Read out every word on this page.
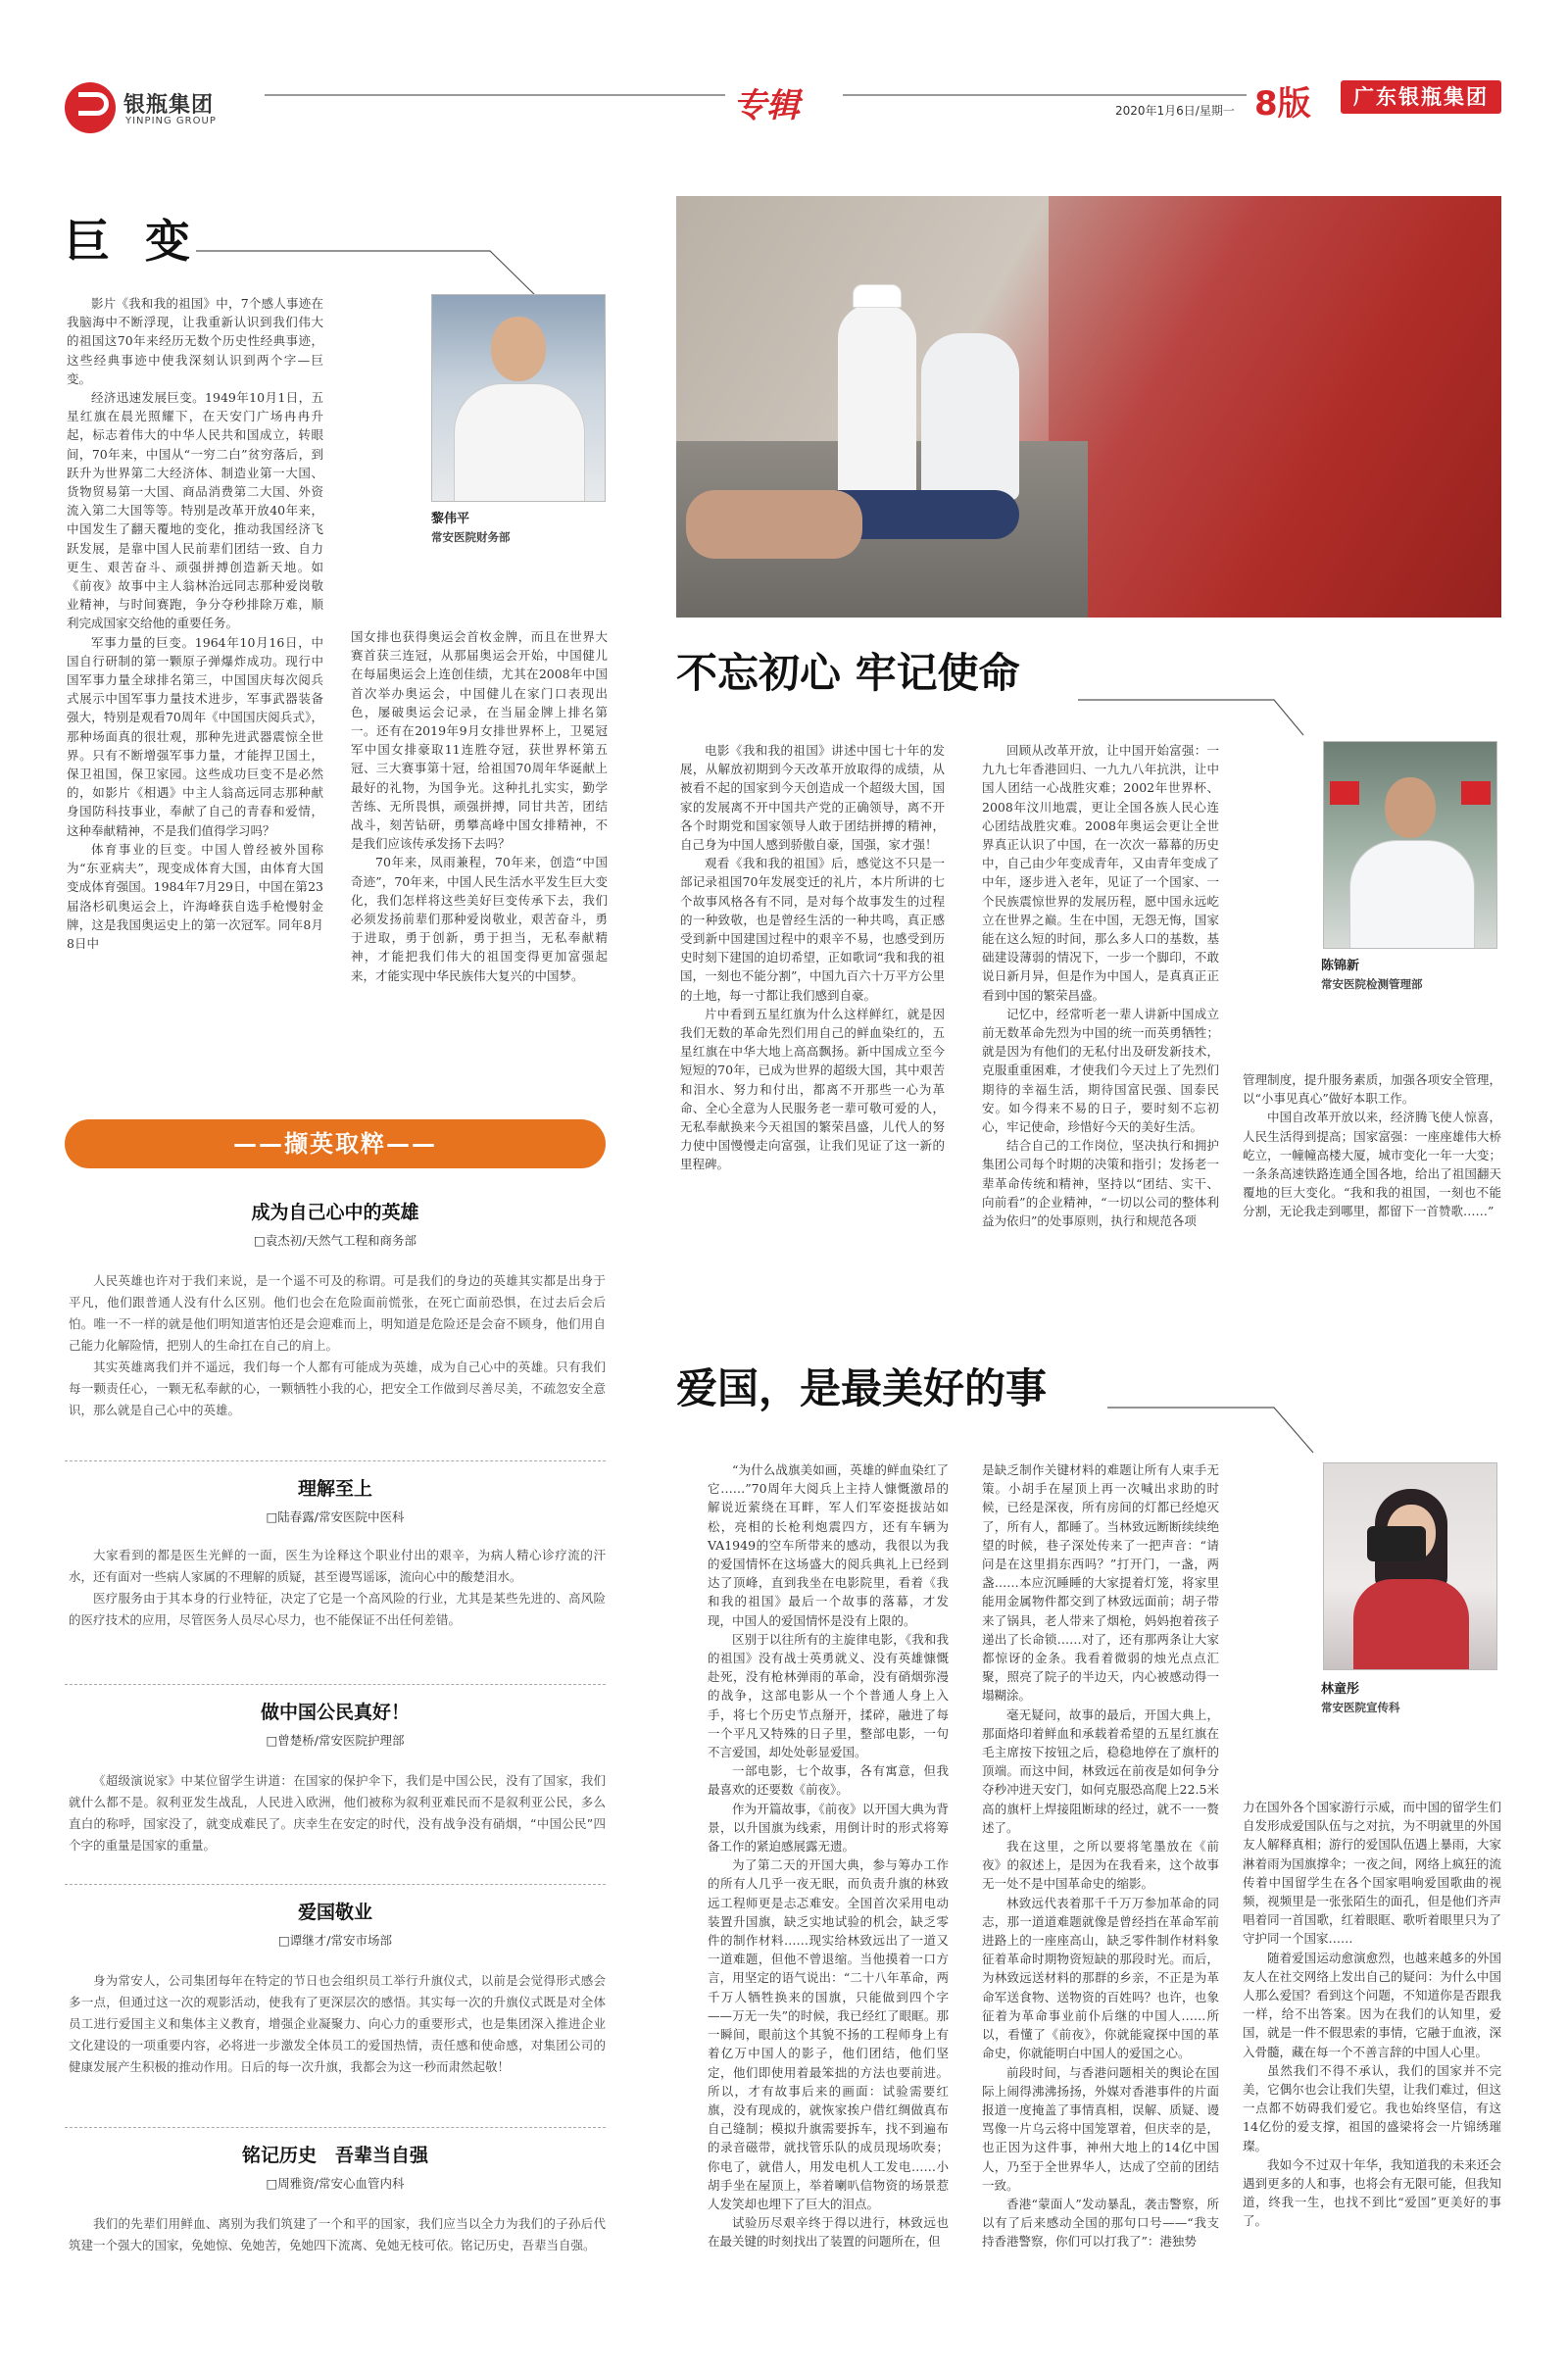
银瓶集团
YINPING GROUP	专辑	2020年1月6日/星期一 8版	广东银瓶集团
巨 变
黎伟平
常安医院财务部

影片《我和我的祖国》中，7个感人事迹在我脑海中不断浮现，让我重新认识到我们伟大的祖国这70年来经历无数个历史性经典事迹，这些经典事迹中使我深刻认识到两个字—巨变。

经济迅速发展巨变。1949年10月1日，五星红旗在晨光照耀下，在天安门广场冉冉升起，标志着伟大的中华人民共和国成立，转眼间，70年来，中国从“一穷二白”贫穷落后，到跃升为世界第二大经济体、制造业第一大国、货物贸易第一大国、商品消费第二大国、外资流入第二大国等等。特别是改革开放40年来，中国发生了翻天覆地的变化，推动我国经济飞跃发展，是靠中国人民前辈们团结一致、自力更生、艰苦奋斗、顽强拼搏创造新天地。如《前夜》故事中主人翁林治远同志那种爱岗敬业精神，与时间赛跑，争分夺秒排除万难，顺利完成国家交给他的重要任务。

军事力量的巨变。1964年10月16日，中国自行研制的第一颗原子弹爆炸成功。现行中国军事力量全球排名第三，中国国庆每次阅兵式展示中国军事力量技术进步，军事武器装备强大，特别是观看70周年《中国国庆阅兵式》，那种场面真的很壮观，那种先进武器震惊全世界。只有不断增强军事力量，才能捍卫国土，保卫祖国，保卫家园。这些成功巨变不是必然的，如影片《相遇》中主人翁高远同志那种献身国防科技事业，奉献了自己的青春和爱情，这种奉献精神，不是我们值得学习吗？

体育事业的巨变。中国人曾经被外国称为“东亚病夫”，现变成体育大国，由体育大国变成体育强国。1984年7月29日，中国在第23届洛杉矶奥运会上，许海峰获自选手枪慢射金牌，这是我国奥运史上的第一次冠军。同年8月8日中

国女排也获得奥运会首枚金牌，而且在世界大赛首获三连冠，从那届奥运会开始，中国健儿在每届奥运会上连创佳绩，尤其在2008年中国首次举办奥运会，中国健儿在家门口表现出色，屡破奥运会记录，在当届金牌上排名第一。还有在2019年9月女排世界杯上，卫冕冠军中国女排豪取11连胜夺冠，获世界杯第五冠、三大赛事第十冠，给祖国70周年华诞献上最好的礼物，为国争光。这种扎扎实实，勤学苦练、无所畏惧，顽强拼搏，同甘共苦，团结战斗，刻苦钻研，勇攀高峰中国女排精神，不是我们应该传承发扬下去吗？

70年来，凤雨兼程，70年来，创造“中国奇迹”，70年来，中国人民生活水平发生巨大变化，我们怎样将这些美好巨变传承下去，我们必须发扬前辈们那种爱岗敬业，艰苦奋斗，勇于进取，勇于创新，勇于担当，无私奉献精神，才能把我们伟大的祖国变得更加富强起来，才能实现中华民族伟大复兴的中国梦。

——撷英取粹——
成为自己心中的英雄
□袁杰初/天然气工程和商务部

人民英雄也许对于我们来说，是一个遥不可及的称谓。可是我们的身边的英雄其实都是出身于平凡，他们跟普通人没有什么区别。他们也会在危险面前慌张，在死亡面前恐惧，在过去后会后怕。唯一不一样的就是他们明知道害怕还是会迎难而上，明知道是危险还是会奋不顾身，他们用自己能力化解险情，把别人的生命扛在自己的肩上。

其实英雄离我们并不遥远，我们每一个人都有可能成为英雄，成为自己心中的英雄。只有我们每一颗责任心，一颗无私奉献的心，一颗牺牲小我的心，把安全工作做到尽善尽美，不疏忽安全意识，那么就是自己心中的英雄。

理解至上
□陆春露/常安医院中医科

大家看到的都是医生光鲜的一面，医生为诠释这个职业付出的艰辛，为病人精心诊疗流的汗水，还有面对一些病人家属的不理解的质疑，甚至谩骂谣诼，流向心中的酸楚泪水。

医疗服务由于其本身的行业特征，决定了它是一个高风险的行业，尤其是某些先进的、高风险的医疗技术的应用，尽管医务人员尽心尽力，也不能保证不出任何差错。

做中国公民真好！
□曾楚桥/常安医院护理部

《超级演说家》中某位留学生讲道：在国家的保护伞下，我们是中国公民，没有了国家，我们就什么都不是。叙利亚发生战乱，人民进入欧洲，他们被称为叙利亚难民而不是叙利亚公民，多么直白的称呼，国家没了，就变成难民了。庆幸生在安定的时代，没有战争没有硝烟，“中国公民”四个字的重量是国家的重量。

爱国敬业
□谭继才/常安市场部

身为常安人，公司集团每年在特定的节日也会组织员工举行升旗仪式，以前是会觉得形式感会多一点，但通过这一次的观影活动，使我有了更深层次的感悟。其实每一次的升旗仪式既是对全体员工进行爱国主义和集体主义教育，增强企业凝聚力、向心力的重要形式，也是集团深入推进企业文化建设的一项重要内容，必将进一步激发全体员工的爱国热情，责任感和使命感，对集团公司的健康发展产生积极的推动作用。日后的每一次升旗，我都会为这一秒而肃然起敬！

铭记历史　吾辈当自强
□周雅资/常安心血管内科

我们的先辈们用鲜血、离别为我们筑建了一个和平的国家，我们应当以全力为我们的子孙后代筑建一个强大的国家，免她惊、免她苦，免她四下流离、免她无枝可依。铭记历史，吾辈当自强。

不忘初心 牢记使命
陈锦新
常安医院检测管理部

电影《我和我的祖国》讲述中国七十年的发展，从解放初期到今天改革开放取得的成绩，从被看不起的国家到今天创造成一个超级大国，国家的发展离不开中国共产党的正确领导，离不开各个时期党和国家领导人敢于团结拼搏的精神，自己身为中国人感到骄傲自豪，国强，家才强！

观看《我和我的祖国》后，感觉这不只是一部记录祖国70年发展变迁的礼片，本片所讲的七个故事风格各有不同，是对每个故事发生的过程的一种致敬，也是曾经生活的一种共鸣，真正感受到新中国建国过程中的艰辛不易，也感受到历史时刻下建国的迫切希望，正如歌词“我和我的祖国，一刻也不能分割”，中国九百六十万平方公里的土地，每一寸都让我们感到自豪。

片中看到五星红旗为什么这样鲜红，就是因我们无数的革命先烈们用自己的鲜血染红的，五星红旗在中华大地上高高飘扬。新中国成立至今短短的70年，已成为世界的超级大国，其中艰苦和泪水、努力和付出，都离不开那些一心为革命、全心全意为人民服务老一辈可敬可爱的人，无私奉献换来今天祖国的繁荣昌盛，儿代人的努力使中国慢慢走向富强，让我们见证了这一新的里程碑。

回顾从改革开放，让中国开始富强：一九九七年香港回归、一九九八年抗洪，让中国人团结一心战胜灾难；2002年世界杯、2008年汶川地震，更让全国各族人民心连心团结战胜灾难。2008年奥运会更让全世界真正认识了中国，在一次次一幕幕的历史中，自己由少年变成青年，又由青年变成了中年，逐步进入老年，见证了一个国家、一个民族震惊世界的发展历程，愿中国永远屹立在世界之巅。生在中国，无怨无悔，国家能在这么短的时间，那么多人口的基数，基础建设薄弱的情况下，一步一个脚印，不敢说日新月异，但是作为中国人，是真真正正看到中国的繁荣昌盛。

记忆中，经常听老一辈人讲新中国成立前无数革命先烈为中国的统一而英勇牺牲；就是因为有他们的无私付出及研发新技术，克服重重困难，才使我们今天过上了先烈们期待的幸福生活，期待国富民强、国泰民安。如今得来不易的日子，要时刻不忘初心，牢记使命，珍惜好今天的美好生活。

结合自己的工作岗位，坚决执行和拥护集团公司每个时期的决策和指引；发扬老一辈革命传统和精神，坚持以“团结、实干、向前看”的企业精神，“一切以公司的整体利益为依归”的处事原则，执行和规范各项

管理制度，提升服务素质，加强各项安全管理，以“小事见真心”做好本职工作。

中国自改革开放以来，经济腾飞使人惊喜，人民生活得到提高；国家富强：一座座雄伟大桥屹立，一幢幢高楼大厦，城市变化一年一大变；一条条高速铁路连通全国各地，给出了祖国翻天覆地的巨大变化。“我和我的祖国，一刻也不能分割，无论我走到哪里，都留下一首赞歌……”

爱国，是最美好的事
林童彤
常安医院宣传科

“为什么战旗美如画，英雄的鲜血染红了它……”70周年大阅兵上主持人慷慨激昂的解说近萦绕在耳畔，军人们军姿挺拔站如松，亮相的长枪利炮震四方，还有车辆为VA1949的空车所带来的感动，我很以为我的爱国情怀在这场盛大的阅兵典礼上已经到达了顶峰，直到我坐在电影院里，看着《我和我的祖国》最后一个故事的落幕，才发现，中国人的爱国情怀是没有上限的。

区别于以往所有的主旋律电影，《我和我的祖国》没有战士英勇就义、没有英雄慷慨赴死，没有枪林弹雨的革命，没有硝烟弥漫的战争，这部电影从一个个普通人身上入手，将七个历史节点掰开，揉碎，融进了每一个平凡又特殊的日子里，整部电影，一句不言爱国，却处处彰显爱国。

一部电影，七个故事，各有寓意，但我最喜欢的还要数《前夜》。

作为开篇故事，《前夜》以开国大典为背景，以升国旗为线索，用倒计时的形式将筹备工作的紧迫感展露无遗。

为了第二天的开国大典，参与筹办工作的所有人几乎一夜无眠，而负责升旗的林致远工程师更是忐忑难安。全国首次采用电动装置升国旗，缺乏实地试验的机会，缺乏零件的制作材料……现实给林致远出了一道又一道难题，但他不曾退缩。当他摸着一口方言，用坚定的语气说出：“二十八年革命，两千万人牺牲换来的国旗，只能做到四个字——万无一失”的时候，我已经红了眼眶。那一瞬间，眼前这个其貌不扬的工程师身上有着亿万中国人的影子，他们团结，他们坚定，他们即使用着最笨拙的方法也要前进。所以，才有故事后来的画面：试验需要红旗，没有现成的，就恢家挨户借红绸做真布自己缝制；模拟升旗需要拆车，找不到遍布的录音磁带，就找管乐队的成员现场吹奏；你电了，就借人，用发电机人工发电……小胡手坐在屋顶上，举着喇叭信物资的场景惹人发笑却也埋下了巨大的泪点。

试验历尽艰辛终于得以进行，林致远也在最关键的时刻找出了装置的问题所在，但

是缺乏制作关键材料的难题让所有人束手无策。小胡手在屋顶上再一次喊出求助的时候，已经是深夜，所有房间的灯都已经熄灭了，所有人，都睡了。当林致远断断续续绝望的时候，巷子深处传来了一把声音：“请问是在这里捐东西吗？”打开门，一盏，两盏……本应沉睡睡的大家提着灯笼，将家里能用金属物件都交到了林致远面前；胡子带来了锅具，老人带来了烟枪，妈妈抱着孩子递出了长命锁……对了，还有那两条让大家都惊讶的金条。我看着微弱的烛光点点汇聚，照亮了院子的半边天，内心被感动得一塌糊涂。

毫无疑问，故事的最后，开国大典上，那面烙印着鲜血和承载着希望的五星红旗在毛主席按下按钮之后，稳稳地停在了旗杆的顶端。而这中间，林致远在前夜是如何争分夺秒冲进天安门，如何克服恐高爬上22.5米高的旗杆上焊接阻断球的经过，就不一一赘述了。

我在这里，之所以要将笔墨放在《前夜》的叙述上，是因为在我看来，这个故事无一处不是中国革命史的缩影。

林致远代表着那千千万万参加革命的同志，那一道道难题就像是曾经挡在革命军前进路上的一座座高山，缺乏零件制作材料象征着革命时期物资短缺的那段时光。而后，为林致远送材料的那群的乡亲，不正是为革命军送食物、送物资的百姓吗？也许，也象征着为革命事业前仆后继的中国人……所以，看懂了《前夜》，你就能窥探中国的革命史，你就能明白中国人的爱国之心。

前段时间，与香港问题相关的舆论在国际上闹得沸沸扬扬，外媒对香港事件的片面报道一度掩盖了事情真相，误解、质疑、谩骂像一片乌云将中国笼罩着，但庆幸的是，也正因为这件事，神州大地上的14亿中国人，乃至于全世界华人，达成了空前的团结一致。

香港“蒙面人”发动暴乱，袭击警察，所以有了后来感动全国的那句口号——“我支持香港警察，你们可以打我了”：港独势

力在国外各个国家游行示威，而中国的留学生们自发形成爱国队伍与之对抗，为不明就里的外国友人解释真相；游行的爱国队伍遇上暴雨，大家淋着雨为国旗撑伞；一夜之间，网络上疯狂的流传着中国留学生在各个国家唱响爱国歌曲的视频，视频里是一张张陌生的面孔，但是他们齐声唱着同一首国歌，红着眼眶、歌听着眼里只为了守护同一个国家……

随着爱国运动愈演愈烈，也越来越多的外国友人在社交网络上发出自己的疑问：为什么中国人那么爱国？看到这个问题，不知道你是否跟我一样，给不出答案。因为在我们的认知里，爱国，就是一件不假思索的事情，它融于血液，深入骨髓，藏在每一个不善言辞的中国人心里。

虽然我们不得不承认，我们的国家并不完美，它偶尔也会让我们失望，让我们难过，但这一点都不妨碍我们爱它。我也始终坚信，有这14亿份的爱支撑，祖国的盛梁将会一片锦绣璀璨。

我如今不过双十年华，我知道我的未来还会遇到更多的人和事，也将会有无限可能，但我知道，终我一生，也找不到比“爱国”更美好的事了。
